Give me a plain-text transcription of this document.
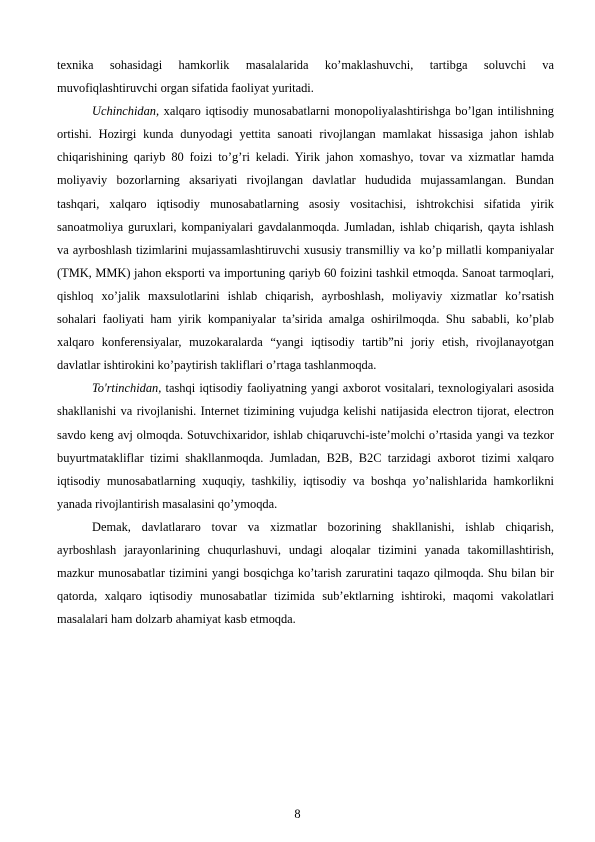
texnika sohasidagi hamkorlik masalalarida ko’maklashuvchi, tartibga soluvchi va muvofiqlashtiruvchi organ sifatida faoliyat yuritadi.

Uchinchidan, xalqaro iqtisodiy munosabatlarni monopoliyalashtirishga bo’lgan intilishning ortishi. Hozirgi kunda dunyodagi yettita sanoati rivojlangan mamlakat hissasiga jahon ishlab chiqarishining qariyb 80 foizi to’g’ri keladi. Yirik jahon xomashyo, tovar va xizmatlar hamda moliyaviy bozorlarning aksariyati rivojlangan davlatlar hududida mujassamlangan. Bundan tashqari, xalqaro iqtisodiy munosabatlarning asosiy vositachisi, ishtrokchisi sifatida yirik sanoatmoliya guruxlari, kompaniyalari gavdalanmoqda. Jumladan, ishlab chiqarish, qayta ishlash va ayrboshlash tizimlarini mujassamlashtiruvchi xususiy transmilliy va ko’p millatli kompaniyalar (TMK, MMK) jahon eksporti va importuning qariyb 60 foizini tashkil etmoqda. Sanoat tarmoqlari, qishloq xo’jalik maxsulotlarini ishlab chiqarish, ayrboshlash, moliyaviy xizmatlar ko’rsatish sohalari faoliyati ham yirik kompaniyalar ta’sirida amalga oshirilmoqda. Shu sababli, ko’plab xalqaro konferensiyalar, muzokaralarda “yangi iqtisodiy tartib”ni joriy etish, rivojlanayotgan davlatlar ishtirokini ko’paytirish takliflari o’rtaga tashlanmoqda.

To'rtinchidan, tashqi iqtisodiy faoliyatning yangi axborot vositalari, texnologiyalari asosida shakllanishi va rivojlanishi. Internet tizimining vujudga kelishi natijasida electron tijorat, electron savdo keng avj olmoqda. Sotuvchixaridor, ishlab chiqaruvchi-iste’molchi o’rtasida yangi va tezkor buyurtmatakliflar tizimi shakllanmoqda. Jumladan, B2B, B2C tarzidagi axborot tizimi xalqaro iqtisodiy munosabatlarning xuquqiy, tashkiliy, iqtisodiy va boshqa yo’nalishlarida hamkorlikni yanada rivojlantirish masalasini qo’ymoqda.

Demak, davlatlararo tovar va xizmatlar bozorining shakllanishi, ishlab chiqarish, ayrboshlash jarayonlarining chuqurlashuvi, undagi aloqalar tizimini yanada takomillashtirish, mazkur munosabatlar tizimini yangi bosqichga ko’tarish zaruratini taqazo qilmoqda. Shu bilan bir qatorda, xalqaro iqtisodiy munosabatlar tizimida sub’ektlarning ishtiroki, maqomi vakolatlari masalalari ham dolzarb ahamiyat kasb etmoqda.

8
